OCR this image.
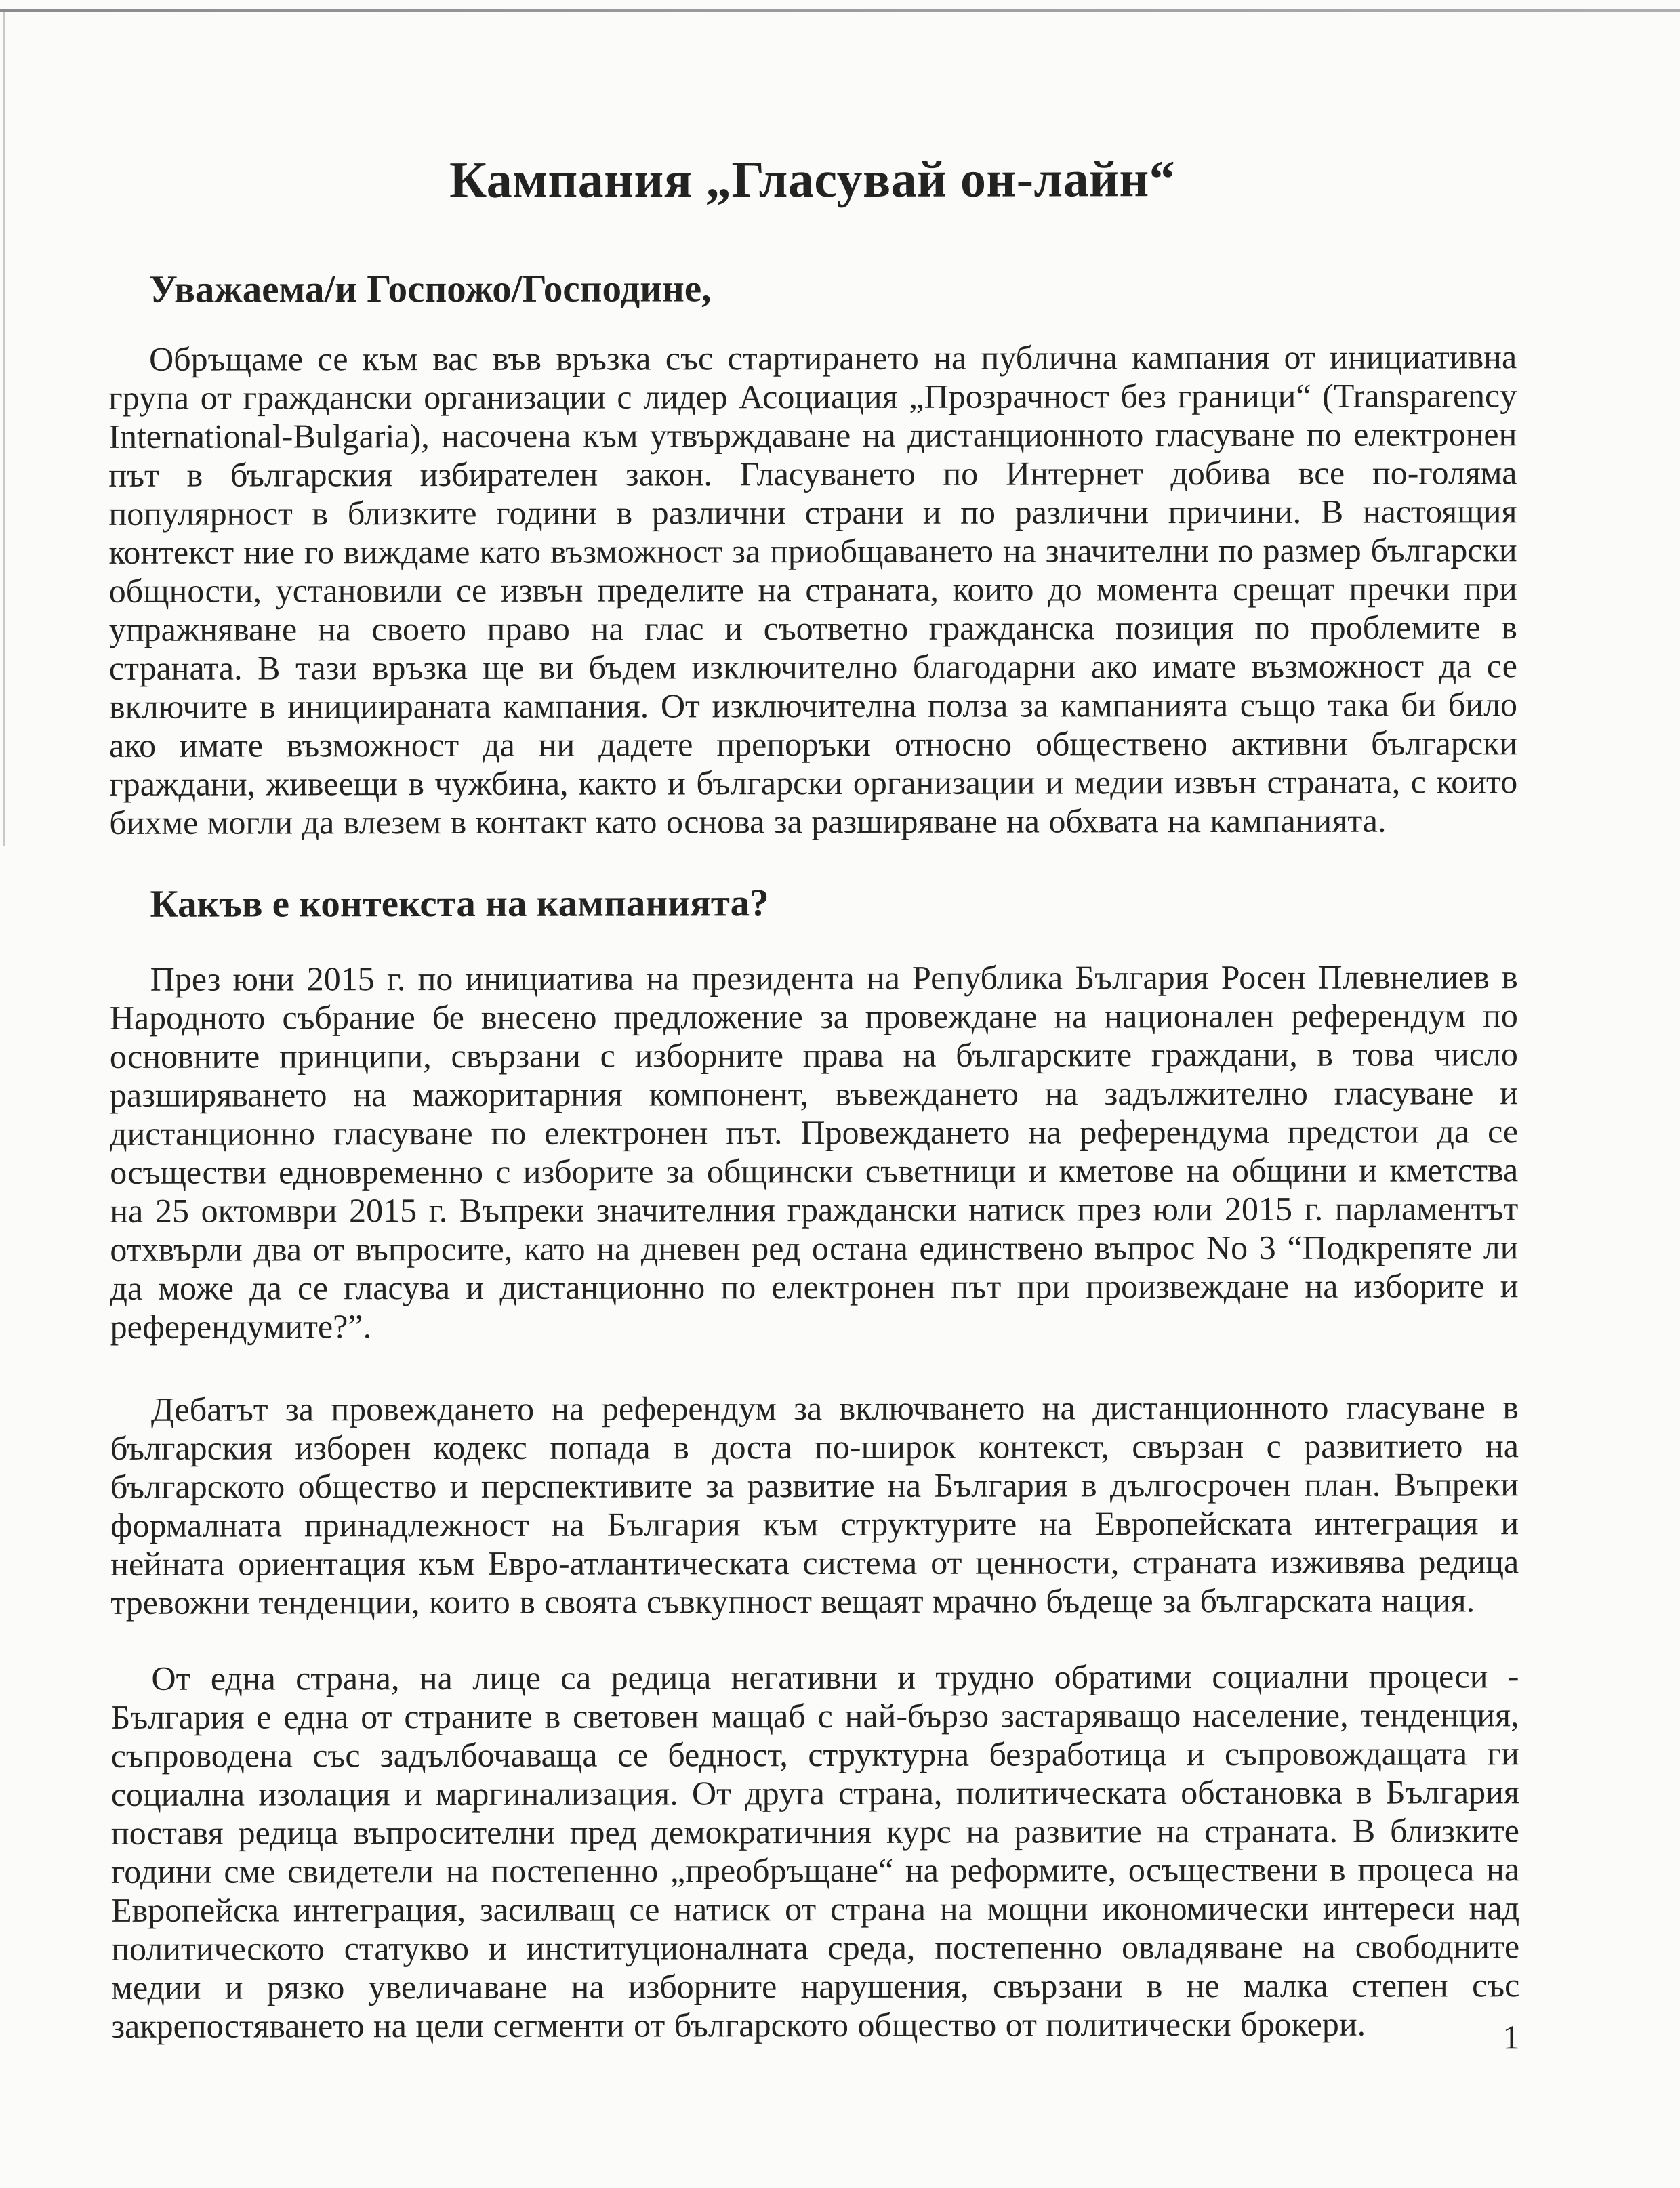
Кампания „Гласувай он-лайн“
Уважаема/и Госпожо/Господине,

Обръщаме се към вас във връзка със стартирането на публична кампания от инициативна група от граждански организации с лидер Асоциация „Прозрачност без граници“ (Transparency International-Bulgaria), насочена към утвърждаване на дистанционното гласуване по електронен път в българския избирателен закон. Гласуването по Интернет добива все по-голяма популярност в близките години в различни страни и по различни причини. В настоящия контекст ние го виждаме като възможност за приобщаването на значителни по размер български общности, установили се извън пределите на страната, които до момента срещат пречки при упражняване на своето право на глас и съответно гражданска позиция по проблемите в страната. В тази връзка ще ви бъдем изключително благодарни ако имате възможност да се включите в инициираната кампания. От изключителна полза за кампанията също така би било ако имате възможност да ни дадете препоръки относно обществено активни български граждани, живеещи в чужбина, както и български организации и медии извън страната, с които бихме могли да влезем в контакт като основа за разширяване на обхвата на кампанията.

Какъв е контекста на кампанията?

През юни 2015 г. по инициатива на президента на Република България Росен Плевнелиев в Народното събрание бе внесено предложение за провеждане на национален референдум по основните принципи, свързани с изборните права на българските граждани, в това число разширяването на мажоритарния компонент, въвеждането на задължително гласуване и дистанционно гласуване по електронен път. Провеждането на референдума предстои да се осъществи едновременно с изборите за общински съветници и кметове на общини и кметства на 25 октомври 2015 г. Въпреки значителния граждански натиск през юли 2015 г. парламентът отхвърли два от въпросите, като на дневен ред остана единствено въпрос No 3 “Подкрепяте ли да може да се гласува и дистанционно по електронен път при произвеждане на изборите и референдумите?”.

Дебатът за провеждането на референдум за включването на дистанционното гласуване в българския изборен кодекс попада в доста по-широк контекст, свързан с развитието на българското общество и перспективите за развитие на България в дългосрочен план. Въпреки формалната принадлежност на България към структурите на Европейската интеграция и нейната ориентация към Евро-атлантическата система от ценности, страната изживява редица тревожни тенденции, които в своята съвкупност вещаят мрачно бъдеще за българската нация.

От една страна, на лице са редица негативни и трудно обратими социални процеси - България е една от страните в световен мащаб с най-бързо застаряващо население, тенденция, съпроводена със задълбочаваща се бедност, структурна безработица и съпровождащата ги социална изолация и маргинализация. От друга страна, политическата обстановка в България поставя редица въпросителни пред демократичния курс на развитие на страната. В близките години сме свидетели на постепенно „преобръщане“ на реформите, осъществени в процеса на Европейска интеграция, засилващ се натиск от страна на мощни икономически интереси над политическото статукво и институционалната среда, постепенно овладяване на свободните медии и рязко увеличаване на изборните нарушения, свързани в не малка степен със закрепостяването на цели сегменти от българското общество от политически брокери.	1
